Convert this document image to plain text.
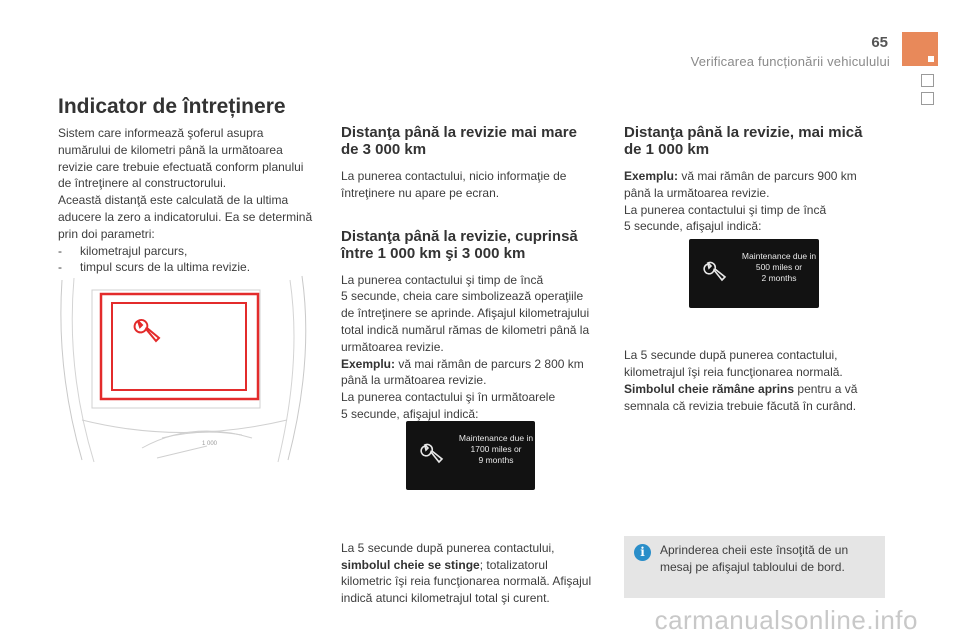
65
Verificarea funcționării vehiculului
Indicator de întreținere

Sistem care informează şoferul asupra

numărului de kilometri până la următoarea

revizie care trebuie efectuată conform planului

de întreţinere al constructorului.

Această distanţă este calculată de la ultima

aducere la zero a indicatorului. Ea se determină

prin doi parametri:

-	kilometrajul parcurs,
-	timpul scurs de la ultima revizie.
1 000
Distanţa până la revizie mai mare
de 3 000 km

La punerea contactului, nicio informaţie de

întreţinere nu apare pe ecran.

Distanţa până la revizie, cuprinsă
între 1 000 km şi 3 000 km

La punerea contactului şi timp de încă

5 secunde, cheia care simbolizează operaţiile

de întreţinere se aprinde. Afişajul kilometrajului

total indică numărul rămas de kilometri până la

următoarea revizie.

Exemplu: vă mai rămân de parcurs 2 800 km

până la următoarea revizie.

La punerea contactului şi în următoarele

5 secunde, afişajul indică:

La 5 secunde după punerea contactului,

simbolul cheie se stinge; totalizatorul

kilometric îşi reia funcţionarea normală. Afişajul

indică atunci kilometrajul total şi curent.

Maintenance due in
1700 miles or
9 months
Distanţa până la revizie, mai mică
de 1 000 km

Exemplu: vă mai rămân de parcurs 900 km

până la următoarea revizie.

La punerea contactului şi timp de încă

5 secunde, afişajul indică:

La 5 secunde după punerea contactului,

kilometrajul îşi reia funcţionarea normală.

Simbolul cheie rămâne aprins pentru a vă

semnala că revizia trebuie făcută în curând.

Maintenance due in
500 miles or
2 months
i	Aprinderea cheii este însoţită de un
mesaj pe afişajul tabloului de bord.
carmanualsonline.info
